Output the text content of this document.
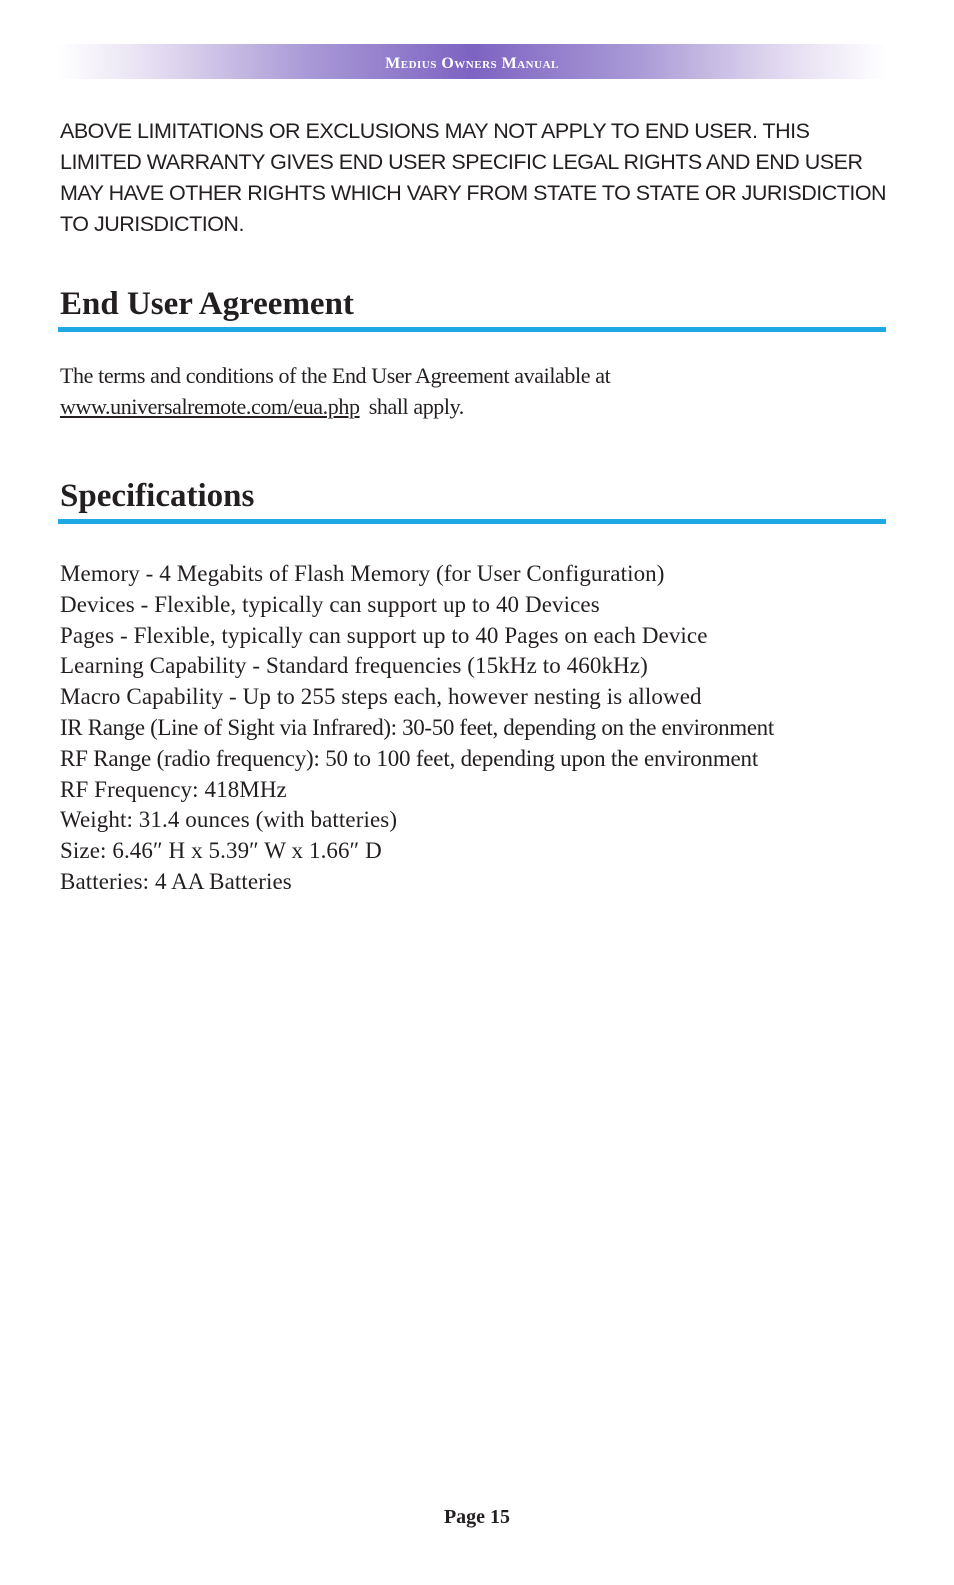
Medius Owners Manual

ABOVE LIMITATIONS OR EXCLUSIONS MAY NOT APPLY TO END USER. THIS LIMITED WARRANTY GIVES END USER SPECIFIC LEGAL RIGHTS AND END USER MAY HAVE OTHER RIGHTS WHICH VARY FROM STATE TO STATE OR JURISDICTION TO JURISDICTION.

End User Agreement

The terms and conditions of the End User Agreement available at
www.universalremote.com/eua.php shall apply.

Specifications
Memory - 4 Megabits of Flash Memory (for User Configuration)
Devices - Flexible, typically can support up to 40 Devices
Pages - Flexible, typically can support up to 40 Pages on each Device
Learning Capability - Standard frequencies (15kHz to 460kHz)
Macro Capability - Up to 255 steps each, however nesting is allowed
IR Range (Line of Sight via Infrared): 30-50 feet, depending on the environment
RF Range (radio frequency): 50 to 100 feet, depending upon the environment
RF Frequency: 418MHz
Weight: 31.4 ounces (with batteries)
Size: 6.46″ H x 5.39″ W x 1.66″ D
Batteries: 4 AA Batteries
Page 15
